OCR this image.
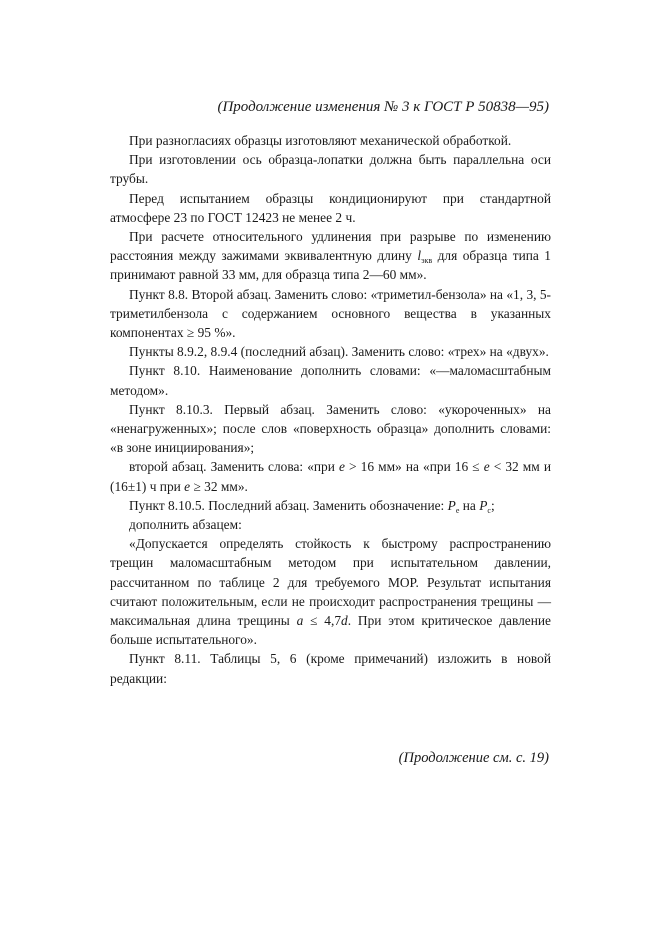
(Продолжение изменения № 3 к ГОСТ Р 50838—95)

При разногласиях образцы изготовляют механической обработкой.

При изготовлении ось образца-лопатки должна быть параллельна оси трубы.

Перед испытанием образцы кондиционируют при стандартной атмосфере 23 по ГОСТ 12423 не менее 2 ч.

При расчете относительного удлинения при разрыве по изменению расстояния между зажимами эквивалентную длину $l_{экв}$ для образца типа 1 принимают равной 33 мм, для образца типа 2—60 мм».

Пункт 8.8. Второй абзац. Заменить слово: «триметил-бензола» на «1, 3, 5-триметилбензола с содержанием основного вещества в указанных компонентах ≥ 95 %».

Пункты 8.9.2, 8.9.4 (последний абзац). Заменить слово: «трех» на «двух».

Пункт 8.10. Наименование дополнить словами: «—маломасштабным методом».

Пункт 8.10.3. Первый абзац. Заменить слово: «укороченных» на «ненагруженных»; после слов «поверхность образца» дополнить словами: «в зоне инициирования»;

второй абзац. Заменить слова: «при e > 16 мм» на «при 16 ≤ e < 32 мм и (16±1) ч при e ≥ 32 мм».

Пункт 8.10.5. Последний абзац. Заменить обозначение: $P_e$ на $P_c$;

дополнить абзацем:

«Допускается определять стойкость к быстрому распространению трещин маломасштабным методом при испытательном давлении, рассчитанном по таблице 2 для требуемого MOP. Результат испытания считают положительным, если не происходит распространения трещины — максимальная длина трещины a ≤ 4,7d. При этом критическое давление больше испытательного».

Пункт 8.11. Таблицы 5, 6 (кроме примечаний) изложить в новой редакции:

(Продолжение см. с. 19)
